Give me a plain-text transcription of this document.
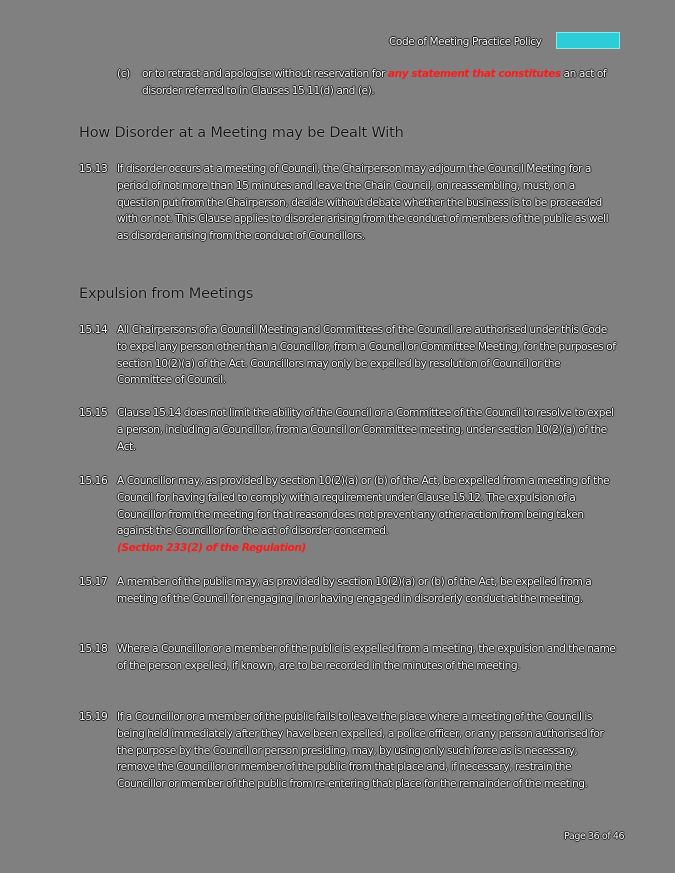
Code of Meeting Practice Policy
(c) or to retract and apologise without reservation for any statement that constitutes an act of disorder referred to in Clauses 15.11(d) and (e).
How Disorder at a Meeting may be Dealt With
15.13 If disorder occurs at a meeting of Council, the Chairperson may adjourn the Council Meeting for a period of not more than 15 minutes and leave the Chair. Council, on reassembling, must, on a question put from the Chairperson, decide without debate whether the business is to be proceeded with or not. This Clause applies to disorder arising from the conduct of members of the public as well as disorder arising from the conduct of Councillors.
Expulsion from Meetings
15.14 All Chairpersons of a Council Meeting and Committees of the Council are authorised under this Code to expel any person other than a Councillor, from a Council or Committee Meeting, for the purposes of section 10(2)(a) of the Act. Councillors may only be expelled by resolution of Council or the Committee of Council.
15.15 Clause 15.14 does not limit the ability of the Council or a Committee of the Council to resolve to expel a person, including a Councillor, from a Council or Committee meeting, under section 10(2)(a) of the Act.
15.16 A Councillor may, as provided by section 10(2)(a) or (b) of the Act, be expelled from a meeting of the Council for having failed to comply with a requirement under Clause 15.12. The expulsion of a Councillor from the meeting for that reason does not prevent any other action from being taken against the Councillor for the act of disorder concerned.
(Section 233(2) of the Regulation)
15.17 A member of the public may, as provided by section 10(2)(a) or (b) of the Act, be expelled from a meeting of the Council for engaging in or having engaged in disorderly conduct at the meeting.
15.18 Where a Councillor or a member of the public is expelled from a meeting, the expulsion and the name of the person expelled, if known, are to be recorded in the minutes of the meeting.
15.19 If a Councillor or a member of the public fails to leave the place where a meeting of the Council is being held immediately after they have been expelled, a police officer, or any person authorised for the purpose by the Council or person presiding, may, by using only such force as is necessary, remove the Councillor or member of the public from that place and, if necessary, restrain the Councillor or member of the public from re-entering that place for the remainder of the meeting.
Page 36 of 46
